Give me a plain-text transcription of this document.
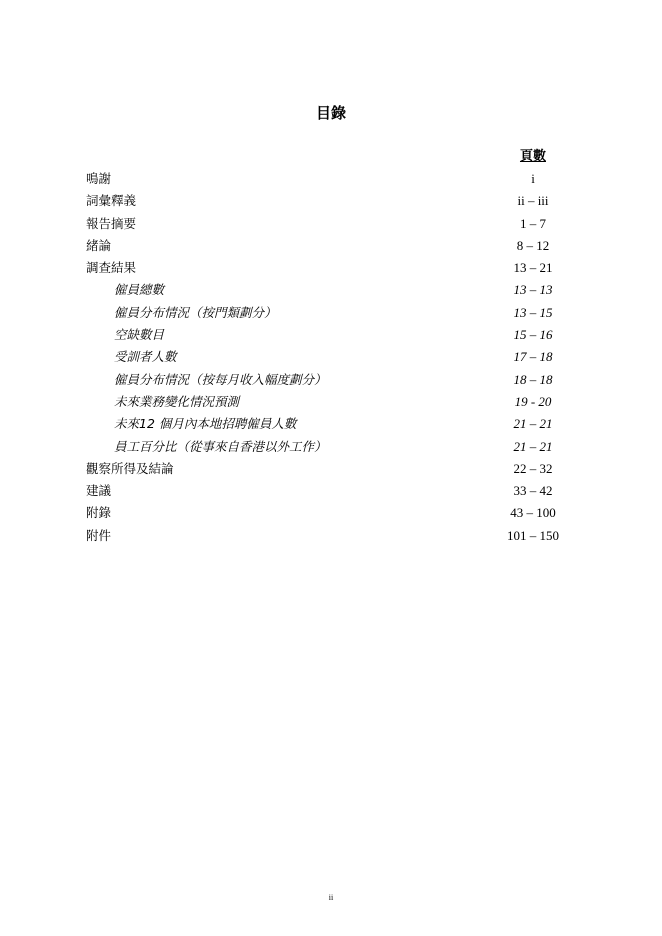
目錄
頁數
鳴謝	i
詞彙釋義	ii – iii
報告摘要	1 – 7
緒論	8 – 12
調查結果	13 – 21
僱員總數	13 – 13
僱員分布情況（按門類劃分）	13 – 15
空缺數目	15 – 16
受訓者人數	17 – 18
僱員分布情況（按每月收入幅度劃分）	18 – 18
未來業務變化情況預測	19 - 20
未來12 個月內本地招聘僱員人數	21 – 21
員工百分比（從事來自香港以外工作）	21 – 21
觀察所得及結論	22 – 32
建議	33 – 42
附錄	43 – 100
附件	101 – 150
ii
